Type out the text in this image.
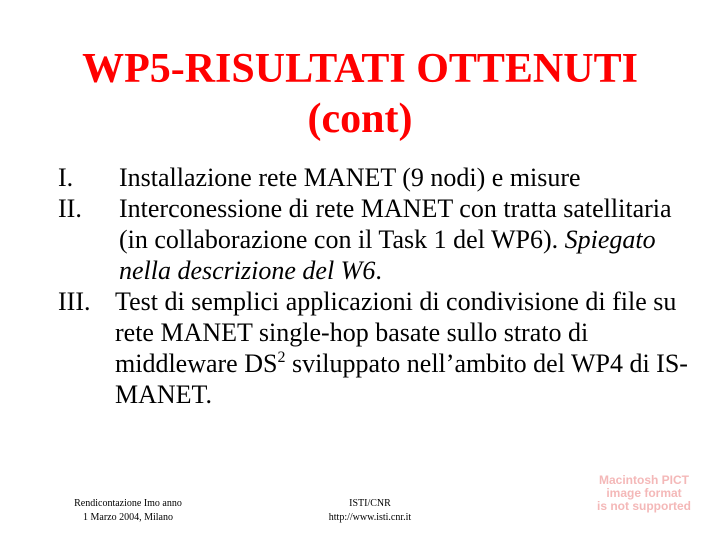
WP5-RISULTATI OTTENUTI
(cont)
I.	Installazione rete MANET (9 nodi) e misure
II.	Interconessione di rete MANET con tratta satellitaria (in collaborazione con il Task 1 del WP6). Spiegato nella descrizione del W6.
III. Test di semplici applicazioni di condivisione di file su rete MANET single-hop basate sullo strato di middleware $DS^2$ sviluppato nell’ambito del WP4 di IS-MANET.
Rendicontazione Imo anno
1 Marzo 2004, Milano
ISTI/CNR
http://www.isti.cnr.it
Macintosh PICT
image format
is not supported
